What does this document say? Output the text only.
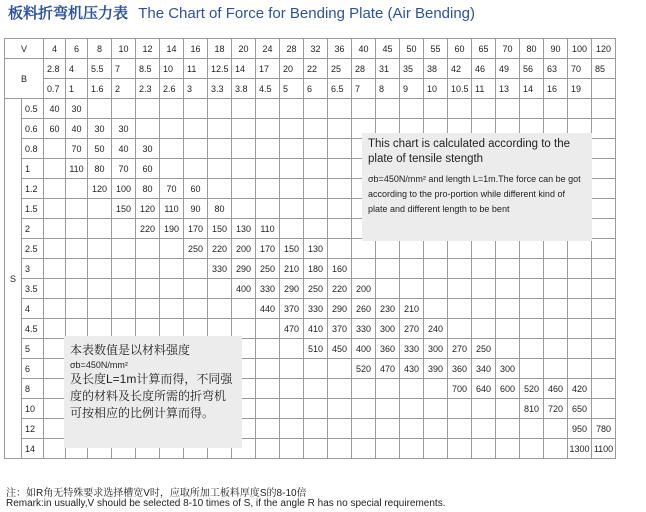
板料折弯机压力表 The Chart of Force for Bending Plate (Air Bending)
V		4	6	8	10	12	14	16	18	20	24	28	32	36	40	45	50	55	60	65	70	80	90	100	120
B		2.8	4	5.5	7	8.5	10	11	12.5	14	17	20	22	25	28	31	35	38	42	46	49	56	63	70	85
		0.7	1	1.6	2	2.3	2.6	3	3.3	3.8	4.5	5	6	6.5	7	8	9	10	10.5	11	13	14	16	19	
S	0.5	40	30																						
	0.6	60	40	30	30																				
	0.8		70	50	40	30																			
	1		110	80	70	60																			
	1.2			120	100	80	70	60																	
	1.5				150	120	110	90	80																
	2					220	190	170	150	130	110														
	2.5							250	220	200	170	150	130												
	3								330	290	250	210	180	160											
	3.5									400	330	290	250	220	200										
	4										440	370	330	290	260	230	210								
	4.5											470	410	370	330	300	270	240							
	5												510	450	400	360	330	300	270	250					
	6														520	470	430	390	360	340	300				
	8																		700	640	600	520	460	420	
	10																					810	720	650	
	12																							950	780
	14																							1300	1100
This chart is calculated according to the plate of tensile stength
σb=450N/mm² and length L=1m.The force can be got according to the pro-portion while different kind of plate and different length to be bent
本表数值是以材料强度
σb=450N/mm²
及长度L=1m计算而得，不同强度的材料及长度所需的折弯机可按相应的比例计算而得。
注：如R角无特殊要求选择槽宽V时，应取所加工板料厚度S的8-10倍
Remark:in usually,V should be selected 8-10 times of S, if the angle R has no special requirements.
